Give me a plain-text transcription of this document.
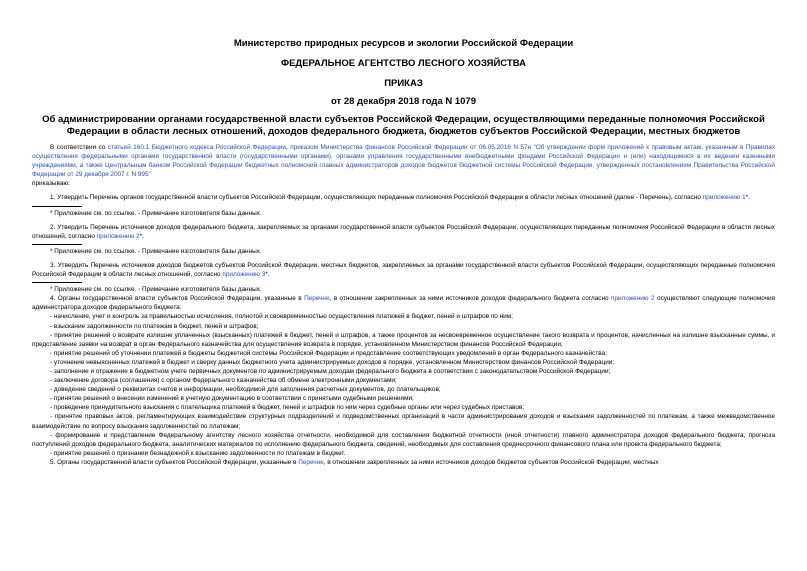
Министерство природных ресурсов и экологии Российской Федерации
ФЕДЕРАЛЬНОЕ АГЕНТСТВО ЛЕСНОГО ХОЗЯЙСТВА
ПРИКАЗ
от 28 декабря 2018 года N 1079
Об администрировании органами государственной власти субъектов Российской Федерации, осуществляющими переданные полномочия Российской Федерации в области лесных отношений, доходов федерального бюджета, бюджетов субъектов Российской Федерации, местных бюджетов

В соответствии со статьей 160.1 Бюджетного кодекса Российской Федерации, приказом Министерства финансов Российской Федерации от 06.05.2016 N 57н "Об утверждении форм приложений к правовым актам, указанным в Правилах осуществления федеральными органами государственной власти (государственными органами), органами управления государственными внебюджетными фондами Российской Федерации и (или) находящимися в их ведении казенными учреждениями, а также Центральным банком Российской Федерации бюджетных полномочий главных администраторов доходов бюджетов бюджетной системы Российской Федерации, утвержденных постановлением Правительства Российской Федерации от 29 декабря 2007 г. N 995"

приказываю:

1. Утвердить Перечень органов государственной власти субъектов Российской Федерации, осуществляющих переданные полномочия Российской Федерации в области лесных отношений (далее - Перечень), согласно приложению 1*.

* Приложение см. по ссылке. - Примечание изготовителя базы данных.

2. Утвердить Перечень источников доходов федерального бюджета, закрепляемых за органами государственной власти субъектов Российской Федерации, осуществляющих переданные полномочия Российской Федерации в области лесных отношений, согласно приложению 2*.

* Приложение см. по ссылке. - Примечание изготовителя базы данных.

3. Утвердить Перечень источников доходов бюджетов субъектов Российской Федерации, местных бюджетов, закрепляемых за органами государственной власти субъектов Российской Федерации, осуществляющих переданные полномочия Российской Федерации в области лесных отношений, согласно приложению 3*.

* Приложение см. по ссылке. - Примечание изготовителя базы данных.

4. Органы государственной власти субъектов Российской Федерации, указанные в Перечне, в отношении закрепленных за ними источников доходов федерального бюджета согласно приложению 2 осуществляют следующие полномочия администратора доходов федерального бюджета:

- начисление, учет и контроль за правильностью исчисления, полнотой и своевременностью осуществления платежей в бюджет, пеней и штрафов по ним;

- взыскание задолженности по платежам в бюджет, пеней и штрафов;

- принятие решений о возврате излишне уплаченных (взысканных) платежей в бюджет, пеней и штрафов, а также процентов за несвоевременное осуществление такого возврата и процентов, начисленных на излишне взысканные суммы, и представление заявки на возврат в орган Федерального казначейства для осуществления возврата в порядке, установленном Министерством финансов Российской Федерации;

- принятие решений об уточнении платежей в бюджеты бюджетной системы Российской Федерации и представление соответствующих уведомлений в орган Федерального казначейства;

- уточнение невыясненных платежей в бюджет и сверку данных бюджетного учета администрируемых доходов в порядке, установленном Министерством финансов Российской Федерации;

- заполнение и отражение в бюджетном учете первичных документов по администрируемым доходам федерального бюджета в соответствии с законодательством Российской Федерации;

- заключение договора (соглашения) с органом Федерального казначейства об обмене электронными документами;

- доведение сведений о реквизитах счетов и информации, необходимой для заполнения расчетных документов, до плательщиков;

- принятие решений о внесении изменений в учетную документацию в соответствии с принятыми судебными решениями;

- проведение принудительного взыскания с плательщика платежей в бюджет, пеней и штрафов по ним через судебные органы или через судебных приставов;

- принятие правовых актов, регламентирующих взаимодействие структурных подразделений и подведомственных организаций в части администрирования доходов и взыскания задолженностей по платежам, а также межведомственное взаимодействие по вопросу взыскания задолженностей по платежам;

- формирование и представление Федеральному агентству лесного хозяйства отчетности, необходимой для составления бюджетной отчетности (иной отчетности) главного администратора доходов федерального бюджета, прогноза поступлений доходов федерального бюджета, аналитических материалов по исполнению федерального бюджета, сведений, необходимых для составления среднесрочного финансового плана или проекта федерального бюджета;

- принятие решений о признании безнадежной к взысканию задолженности по платежам в бюджет.

5. Органы государственной власти субъектов Российской Федерации, указанные в Перечне, в отношении закрепленных за ними источников доходов бюджетов субъектов Российской Федерации, местных
